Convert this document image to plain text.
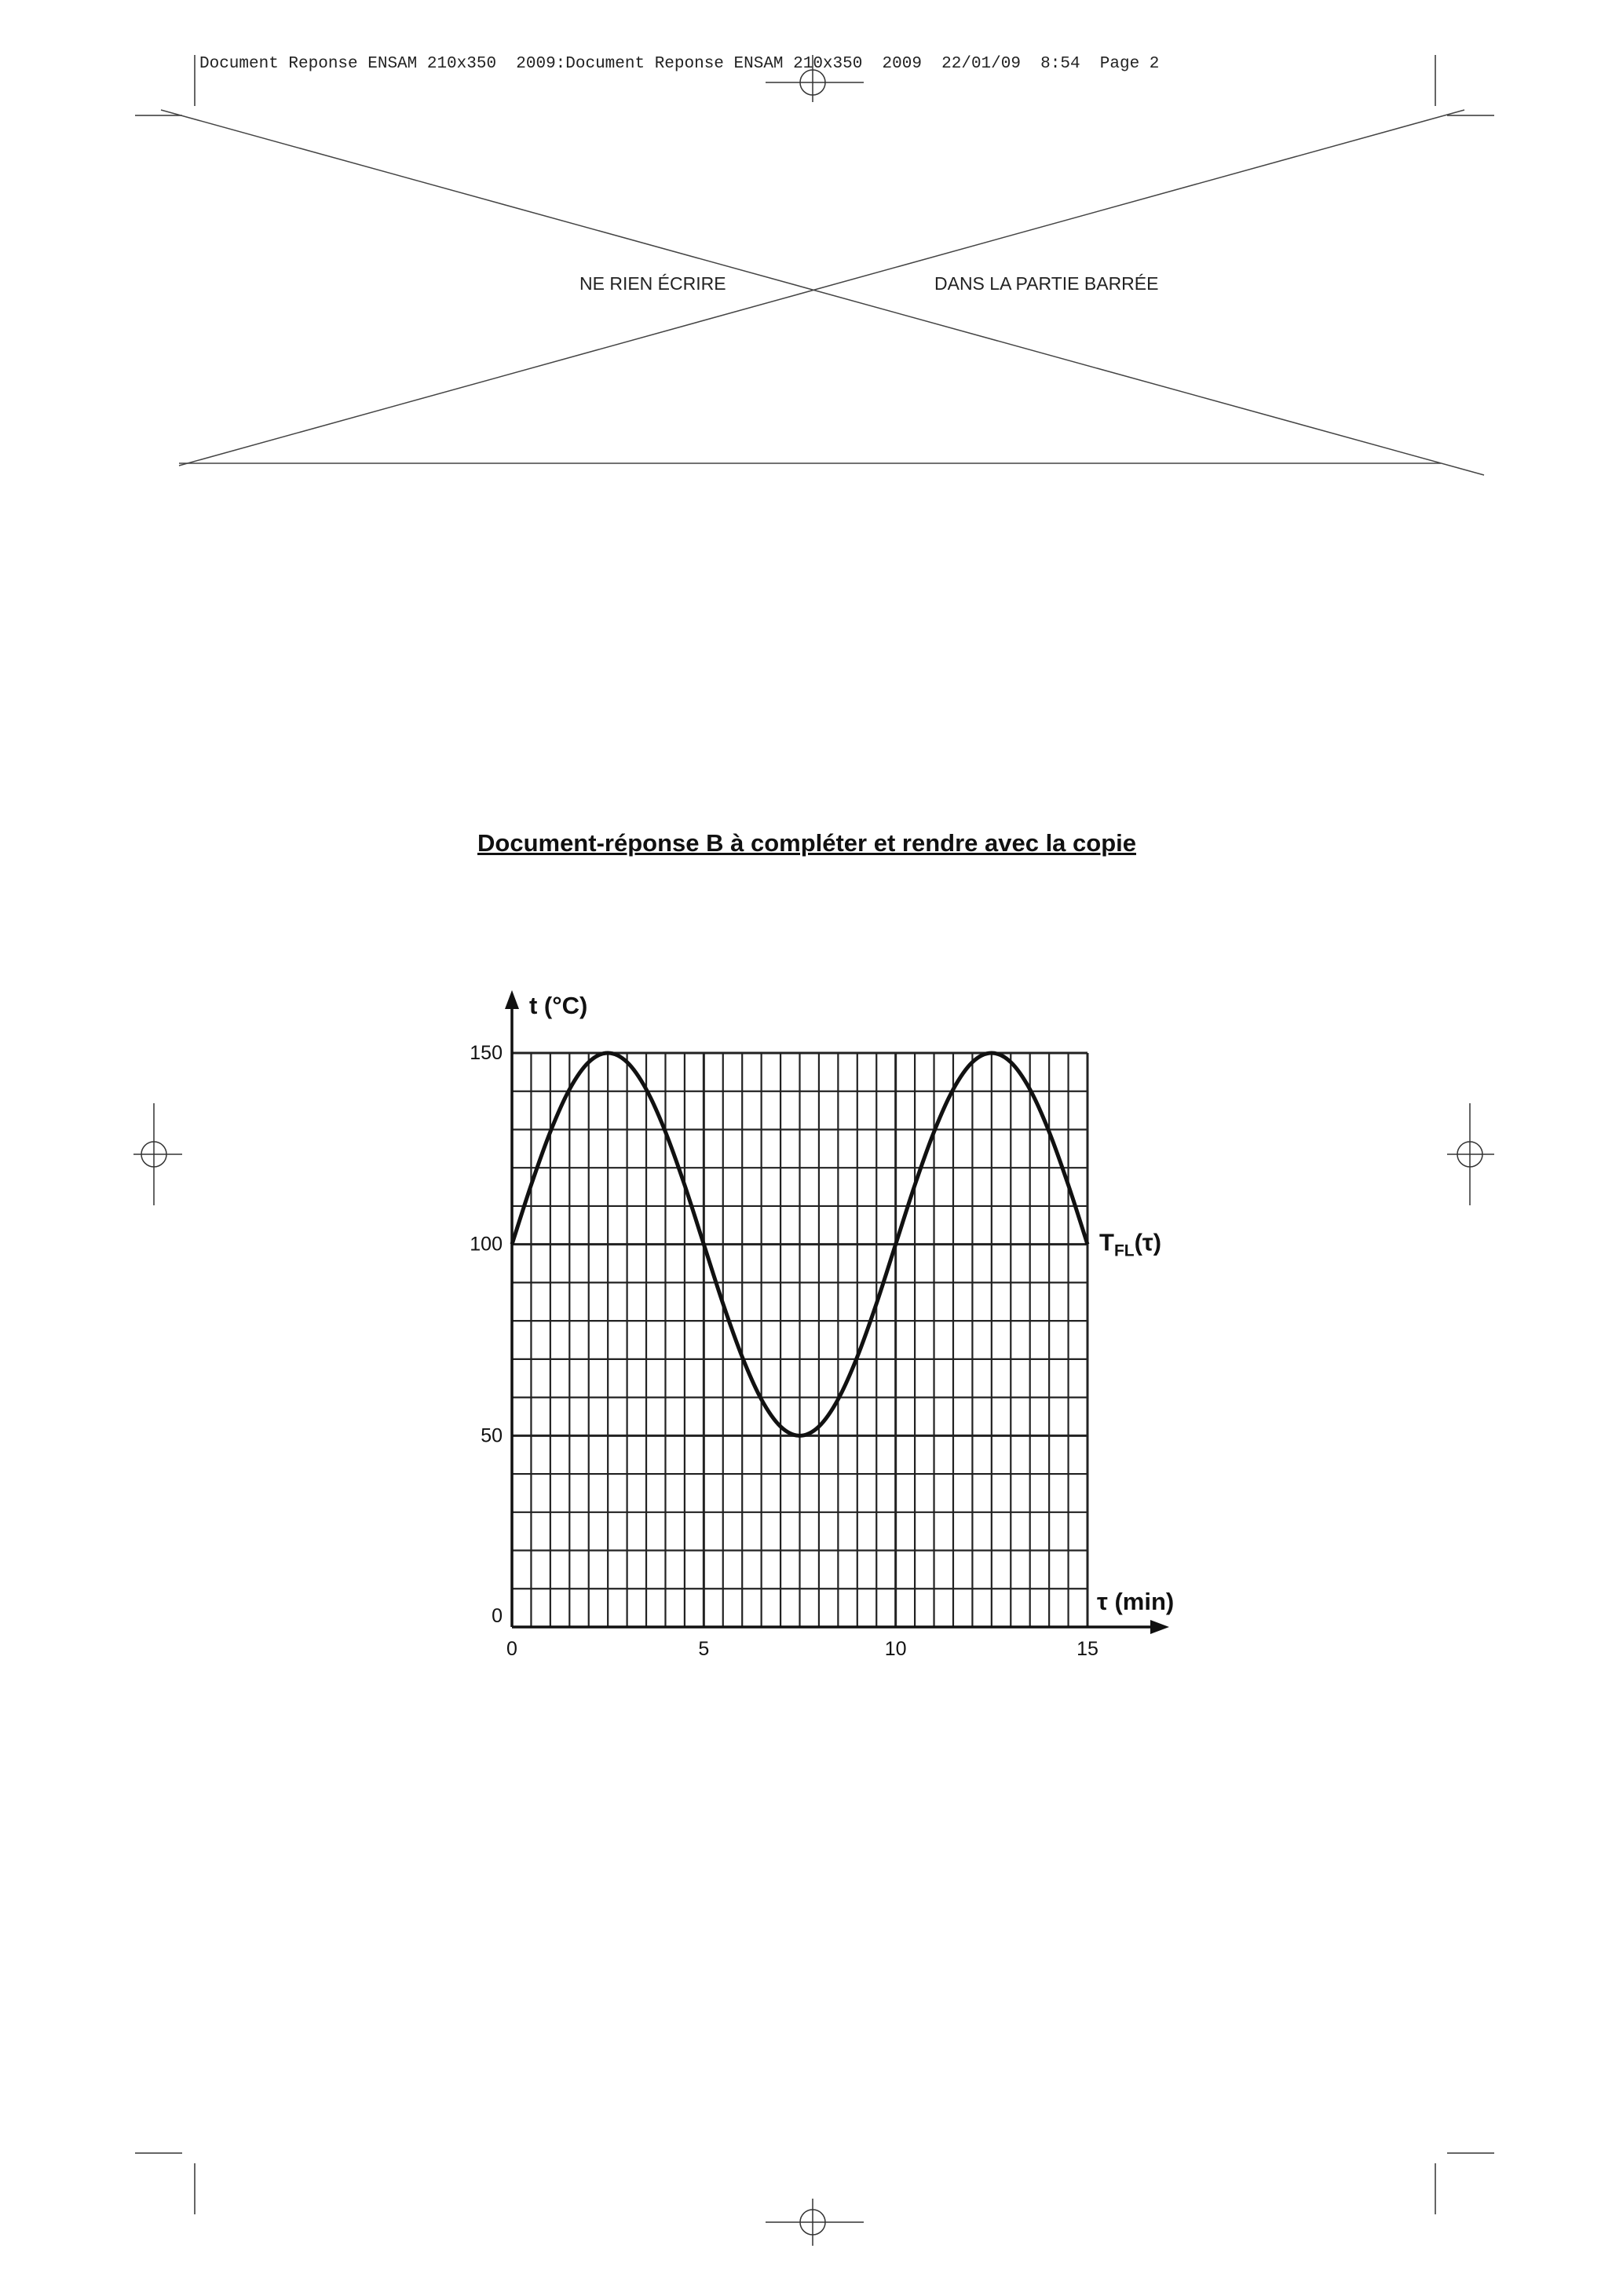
Document Reponse ENSAM 210x350  2009:Document Reponse ENSAM 210x350  2009  22/01/09  8:54  Page 2
NE RIEN ÉCRIRE	DANS LA PARTIE BARRÉE
Document-réponse B à compléter et rendre avec la copie
0
50
100
150
0	5	10	15
t (°C)
τ (min)
TFL(τ)
